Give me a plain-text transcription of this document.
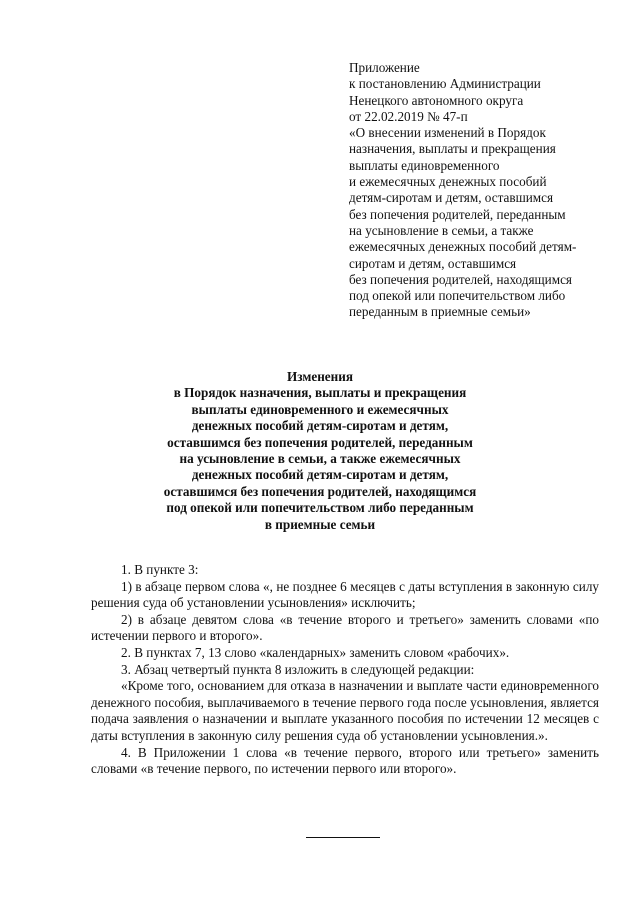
Приложение
к постановлению Администрации
Ненецкого автономного округа
от 22.02.2019 № 47-п
«О внесении изменений в Порядок
назначения, выплаты и прекращения
выплаты единовременного
и ежемесячных денежных пособий
детям-сиротам и детям, оставшимся
без попечения родителей, переданным
на усыновление в семьи, а также
ежемесячных денежных пособий детям-
сиротам и детям, оставшимся
без попечения родителей, находящимся
под опекой или попечительством либо
переданным в приемные семьи»
Изменения
в Порядок назначения, выплаты и прекращения
выплаты единовременного и ежемесячных
денежных пособий детям-сиротам и детям,
оставшимся без попечения родителей, переданным
на усыновление в семьи, а также ежемесячных
денежных пособий детям-сиротам и детям,
оставшимся без попечения родителей, находящимся
под опекой или попечительством либо переданным
в приемные семьи

1. В пункте 3:

1) в абзаце первом слова «, не позднее 6 месяцев с даты вступления в законную силу решения суда об установлении усыновления» исключить;

2) в абзаце девятом слова «в течение второго и третьего» заменить словами «по истечении первого и второго».

2. В пунктах 7, 13 слово «календарных» заменить словом «рабочих».

3. Абзац четвертый пункта 8 изложить в следующей редакции:

«Кроме того, основанием для отказа в назначении и выплате части единовременного денежного пособия, выплачиваемого в течение первого года после усыновления, является подача заявления о назначении и выплате указанного пособия по истечении 12 месяцев с даты вступления в законную силу решения суда об установлении усыновления.».

4. В Приложении 1 слова «в течение первого, второго или третьего» заменить словами «в течение первого, по истечении первого или второго».
